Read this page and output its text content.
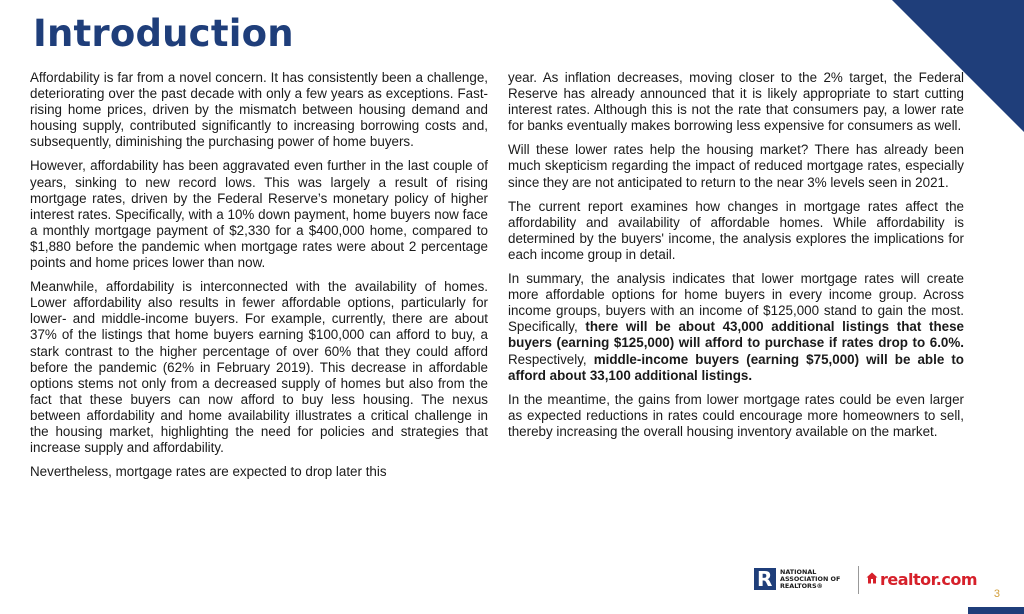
Introduction

Affordability is far from a novel concern. It has consistently been a challenge, deteriorating over the past decade with only a few years as exceptions. Fast-rising home prices, driven by the mismatch between housing demand and housing supply, contributed significantly to increasing borrowing costs and, subsequently, diminishing the purchasing power of home buyers.

However, affordability has been aggravated even further in the last couple of years, sinking to new record lows. This was largely a result of rising mortgage rates, driven by the Federal Reserve’s monetary policy of higher interest rates. Specifically, with a 10% down payment, home buyers now face a monthly mortgage payment of $2,330 for a $400,000 home, compared to $1,880 before the pandemic when mortgage rates were about 2 percentage points and home prices lower than now.

Meanwhile, affordability is interconnected with the availability of homes. Lower affordability also results in fewer affordable options, particularly for lower- and middle-income buyers. For example, currently, there are about 37% of the listings that home buyers earning $100,000 can afford to buy, a stark contrast to the higher percentage of over 60% that they could afford before the pandemic (62% in February 2019). This decrease in affordable options stems not only from a decreased supply of homes but also from the fact that these buyers can now afford to buy less housing. The nexus between affordability and home availability illustrates a critical challenge in the housing market, highlighting the need for policies and strategies that increase supply and affordability.

Nevertheless, mortgage rates are expected to drop later this

year. As inflation decreases, moving closer to the 2% target, the Federal Reserve has already announced that it is likely appropriate to start cutting interest rates. Although this is not the rate that consumers pay, a lower rate for banks eventually makes borrowing less expensive for consumers as well.

Will these lower rates help the housing market? There has already been much skepticism regarding the impact of reduced mortgage rates, especially since they are not anticipated to return to the near 3% levels seen in 2021.

The current report examines how changes in mortgage rates affect the affordability and availability of affordable homes. While affordability is determined by the buyers' income, the analysis explores the implications for each income group in detail.

In summary, the analysis indicates that lower mortgage rates will create more affordable options for home buyers in every income group. Across income groups, buyers with an income of $125,000 stand to gain the most. Specifically, there will be about 43,000 additional listings that these buyers (earning $125,000) will afford to purchase if rates drop to 6.0%. Respectively, middle-income buyers (earning $75,000) will be able to afford about 33,100 additional listings.

In the meantime, the gains from lower mortgage rates could be even larger as expected reductions in rates could encourage more homeowners to sell, thereby increasing the overall housing inventory available on the market.

R NATIONAL
ASSOCIATION OF
REALTORS®	realtor.com
3
